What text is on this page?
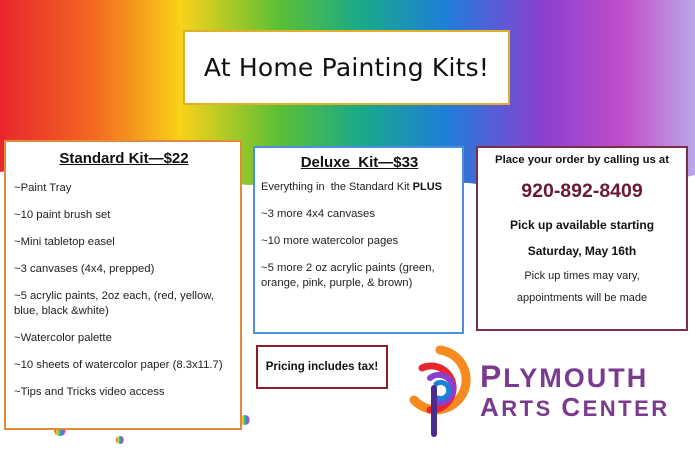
At Home Painting Kits!
Standard Kit—$22
~Paint Tray
~10 paint brush set
~Mini tabletop easel
~3 canvases (4x4, prepped)
~5 acrylic paints, 2oz each, (red, yellow, blue, black &white)
~Watercolor palette
~10 sheets of watercolor paper (8.3x11.7)
~Tips and Tricks video access
Deluxe  Kit—$33
Everything in  the Standard Kit PLUS
~3 more 4x4 canvases
~10 more watercolor pages
~5 more 2 oz acrylic paints (green, orange, pink, purple, & brown)
Place your order by calling us at
920-892-8409
Pick up available starting
Saturday, May 16th
Pick up times may vary,
appointments will be made
Pricing includes tax!	PLYMOUTH
ARTS CENTER
